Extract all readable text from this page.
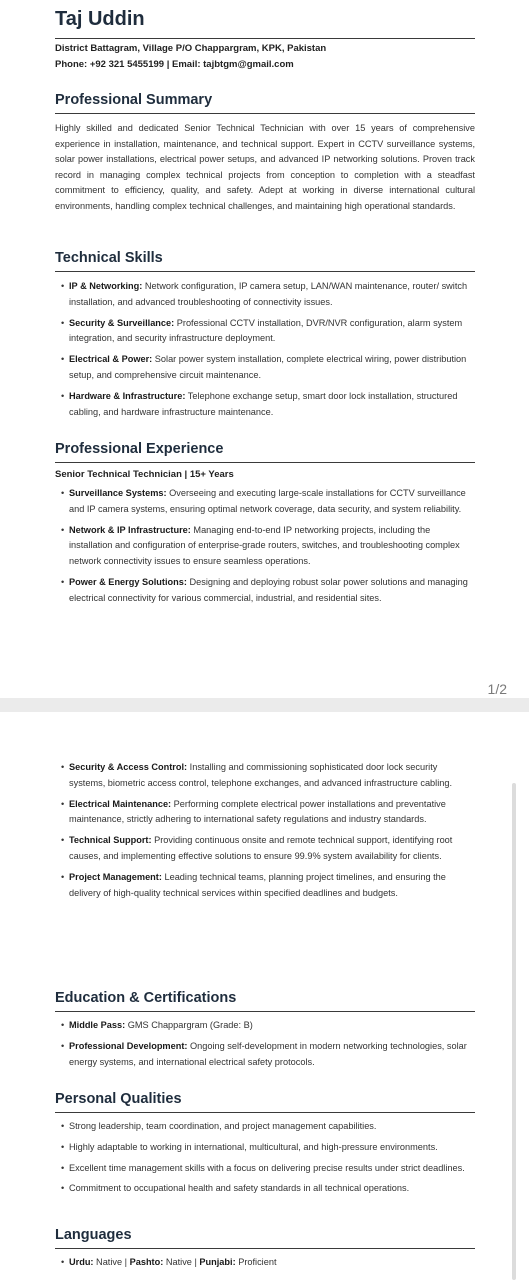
Taj Uddin
District Battagram, Village P/O Chappargram, KPK, Pakistan
Phone: +92 321 5455199 | Email: tajbtgm@gmail.com
Professional Summary

Highly skilled and dedicated Senior Technical Technician with over 15 years of comprehensive experience in installation, maintenance, and technical support. Expert in CCTV surveillance systems, solar power installations, electrical power setups, and advanced IP networking solutions. Proven track record in managing complex technical projects from conception to completion with a steadfast commitment to efficiency, quality, and safety. Adept at working in diverse international cultural environments, handling complex technical challenges, and maintaining high operational standards.

Technical Skills
• IP & Networking: Network configuration, IP camera setup, LAN/WAN maintenance, router/ switch installation, and advanced troubleshooting of connectivity issues.
• Security & Surveillance: Professional CCTV installation, DVR/NVR configuration, alarm system integration, and security infrastructure deployment.
• Electrical & Power: Solar power system installation, complete electrical wiring, power distribution setup, and comprehensive circuit maintenance.
• Hardware & Infrastructure: Telephone exchange setup, smart door lock installation, structured cabling, and hardware infrastructure maintenance.
Professional Experience
Senior Technical Technician | 15+ Years
• Surveillance Systems: Overseeing and executing large-scale installations for CCTV surveillance and IP camera systems, ensuring optimal network coverage, data security, and system reliability.
• Network & IP Infrastructure: Managing end-to-end IP networking projects, including the installation and configuration of enterprise-grade routers, switches, and troubleshooting complex network connectivity issues to ensure seamless operations.
• Power & Energy Solutions: Designing and deploying robust solar power solutions and managing electrical connectivity for various commercial, industrial, and residential sites.
1/2
• Security & Access Control: Installing and commissioning sophisticated door lock security systems, biometric access control, telephone exchanges, and advanced infrastructure cabling.
• Electrical Maintenance: Performing complete electrical power installations and preventative maintenance, strictly adhering to international safety regulations and industry standards.
• Technical Support: Providing continuous onsite and remote technical support, identifying root causes, and implementing effective solutions to ensure 99.9% system availability for clients.
• Project Management: Leading technical teams, planning project timelines, and ensuring the delivery of high-quality technical services within specified deadlines and budgets.
Education & Certifications
• Middle Pass: GMS Chappargram (Grade: B)
• Professional Development: Ongoing self-development in modern networking technologies, solar energy systems, and international electrical safety protocols.
Personal Qualities
• Strong leadership, team coordination, and project management capabilities.
• Highly adaptable to working in international, multicultural, and high-pressure environments.
• Excellent time management skills with a focus on delivering precise results under strict deadlines.
• Commitment to occupational health and safety standards in all technical operations.
Languages
• Urdu: Native | Pashto: Native | Punjabi: Proficient
